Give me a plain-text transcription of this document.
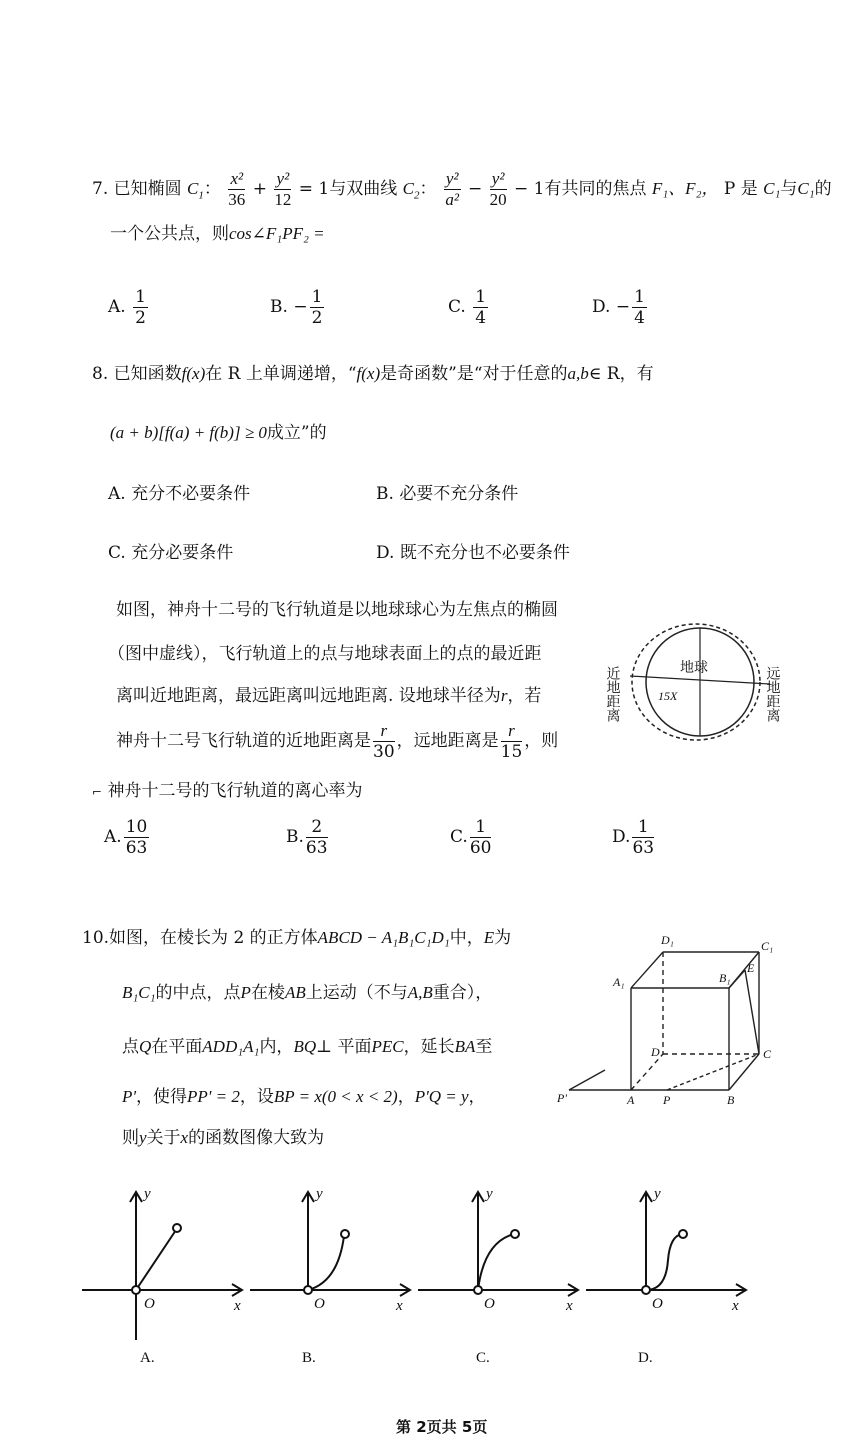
7. 已知椭圆 $C_1$： $\frac{\text{x²}}{36} + \frac{\text{y²}}{12} = 1$与双曲线 $C_2$： $\frac{\text{y²}}{\text{a²}} - \frac{\text{y²}}{20} - 1$有共同的焦点 F₁、F₂， P 是 C₁与C₁的
一个公共点，则cos∠F₁PF₂ =
A. $\frac{1}{2}$	B. − $\frac{1}{2}$	C. $\frac{1}{4}$	D. − $\frac{1}{4}$
8. 已知函数f(x)在 R 上单调递增，“f(x)是奇函数”是“对于任意的a,b∈ R，有
(a + b)[f(a) + f(b)] ≥ 0成立”的
A. 充分不必要条件	B. 必要不充分条件
C. 充分必要条件	D. 既不充分也不必要条件
如图，神舟十二号的飞行轨道是以地球球心为左焦点的椭圆
（图中虚线），飞行轨道上的点与地球表面上的点的最近距
离叫近地距离，最远距离叫远地距离. 设地球半径为r，若
神舟十二号飞行轨道的近地距离是 $\frac{r}{30}$ ，远地距离是 $\frac{r}{15}$ ，则
⌐ 神舟十二号的飞行轨道的离心率为
地球
15X
近地距离	远地距离
A. $\frac{10}{63}$	B. $\frac{2}{63}$	C. $\frac{1}{60}$	D. $\frac{1}{63}$
10.如图，在棱长为 2 的正方体ABCD − A₁B₁C₁D₁中，E为
B₁C₁的中点，点P在棱AB上运动（不与A,B重合），
点Q在平面ADD₁A₁内，BQ⊥ 平面PEC，延长BA至
P'，使得PP' = 2，设BP = x(0 < x < 2)，P'Q = y，
则y关于x的函数图像大致为
D₁	C₁
A₁	B₁
E
D	C
P'	A P	B
y
O	x
A.
y
O	x
B.
y
O	x
C.
y
O	x
D.
第 2页共 5页
